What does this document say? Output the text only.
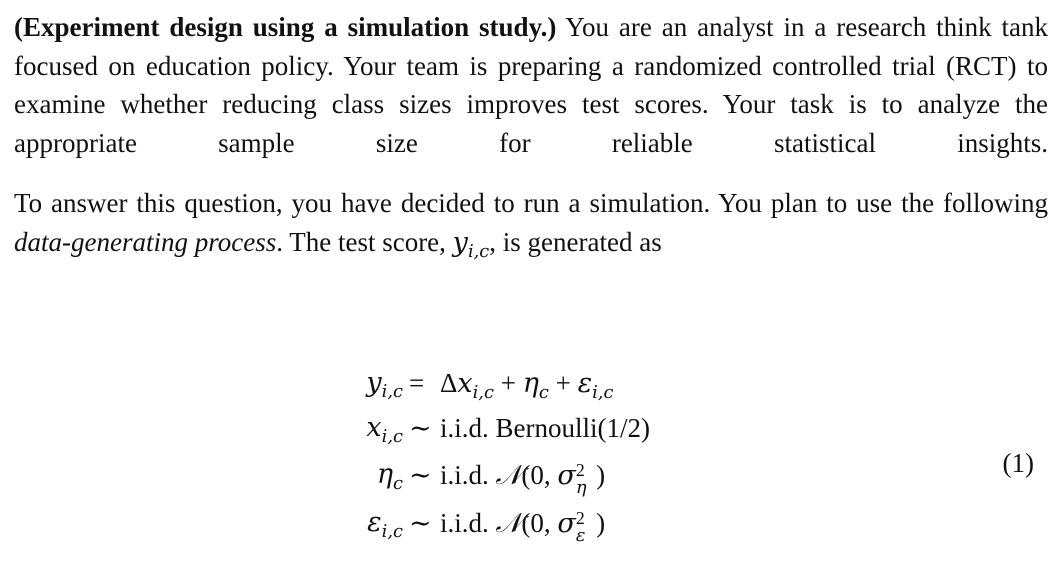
(Experiment design using a simulation study.) You are an analyst in a research think tank focused on education policy. Your team is preparing a randomized controlled trial (RCT) to examine whether reducing class sizes improves test scores. Your task is to analyze the appropriate sample size for reliable statistical insights.

To answer this question, you have decided to run a simulation. You plan to use the following data-generating process. The test score, $y_{i,c}$, is generated as

$y_{i,c} = \Delta x_{i,c} + \eta_c + \varepsilon_{i,c}$
$x_{i,c}$ ∼ i.i.d. Bernoulli(1/2)
$\eta_c$ ∼ i.i.d. 𝒩(0, σ 2
η )
$\varepsilon_{i,c}$ ∼ i.i.d. 𝒩(0, σ 2
ε )
(1)
